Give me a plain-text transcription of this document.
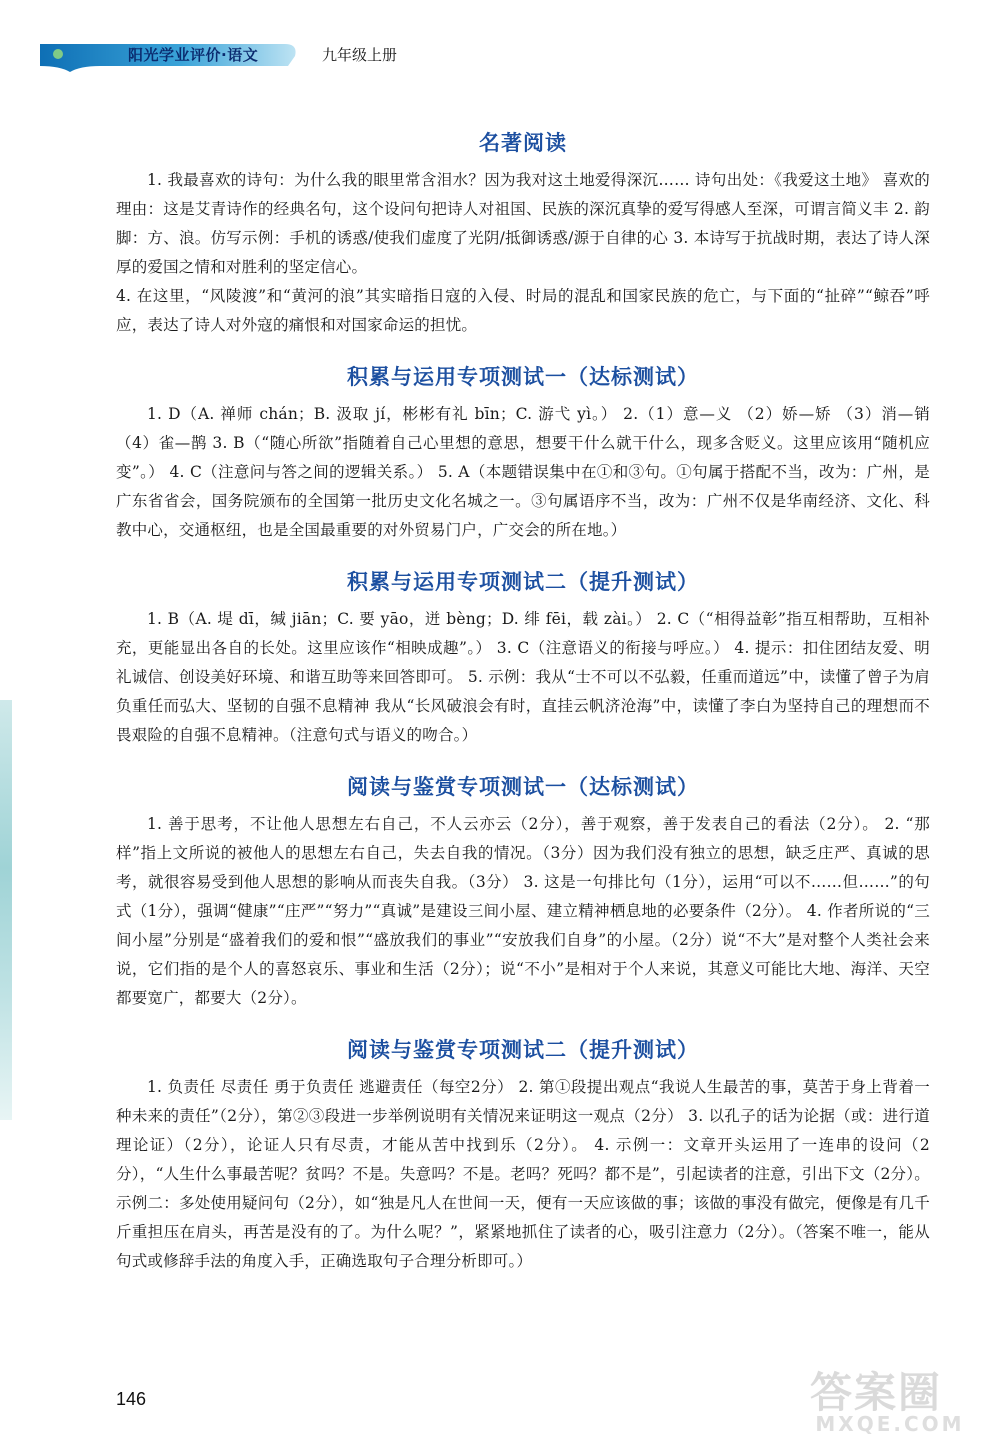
阳光学业评价·语文	九年级上册
名著阅读

1. 我最喜欢的诗句：为什么我的眼里常含泪水？因为我对这土地爱得深沉…… 诗句出处：《我爱这土地》 喜欢的理由：这是艾青诗作的经典名句，这个设问句把诗人对祖国、民族的深沉真挚的爱写得感人至深，可谓言简义丰 2. 韵脚：方、浪。仿写示例：手机的诱惑/使我们虚度了光阴/抵御诱惑/源于自律的心 3. 本诗写于抗战时期，表达了诗人深厚的爱国之情和对胜利的坚定信心。

4. 在这里，“风陵渡”和“黄河的浪”其实暗指日寇的入侵、时局的混乱和国家民族的危亡，与下面的“扯碎”“鲸吞”呼应，表达了诗人对外寇的痛恨和对国家命运的担忧。

积累与运用专项测试一（达标测试）

1. D（A. 禅师 chán；B. 汲取 jí，彬彬有礼 bīn；C. 游弋 yì。） 2.（1）意—义 （2）娇—矫 （3）消—销 （4）雀—鹊 3. B（“随心所欲”指随着自己心里想的意思，想要干什么就干什么，现多含贬义。这里应该用“随机应变”。） 4. C（注意问与答之间的逻辑关系。） 5. A（本题错误集中在①和③句。①句属于搭配不当，改为：广州，是广东省省会，国务院颁布的全国第一批历史文化名城之一。③句属语序不当，改为：广州不仅是华南经济、文化、科教中心，交通枢纽，也是全国最重要的对外贸易门户，广交会的所在地。）

积累与运用专项测试二（提升测试）

1. B（A. 堤 dī，缄 jiān；C. 要 yāo，迸 bèng；D. 绯 fēi，载 zài。） 2. C（“相得益彰”指互相帮助，互相补充，更能显出各自的长处。这里应该作“相映成趣”。） 3. C（注意语义的衔接与呼应。） 4. 提示：扣住团结友爱、明礼诚信、创设美好环境、和谐互助等来回答即可。 5. 示例：我从“士不可以不弘毅，任重而道远”中，读懂了曾子为肩负重任而弘大、坚韧的自强不息精神 我从“长风破浪会有时，直挂云帆济沧海”中，读懂了李白为坚持自己的理想而不畏艰险的自强不息精神。（注意句式与语义的吻合。）

阅读与鉴赏专项测试一（达标测试）

1. 善于思考，不让他人思想左右自己，不人云亦云（2分），善于观察，善于发表自己的看法（2分）。 2. “那样”指上文所说的被他人的思想左右自己，失去自我的情况。（3分）因为我们没有独立的思想，缺乏庄严、真诚的思考，就很容易受到他人思想的影响从而丧失自我。（3分） 3. 这是一句排比句（1分），运用“可以不……但……”的句式（1分），强调“健康”“庄严”“努力”“真诚”是建设三间小屋、建立精神栖息地的必要条件（2分）。 4. 作者所说的“三间小屋”分别是“盛着我们的爱和恨”“盛放我们的事业”“安放我们自身”的小屋。（2分）说“不大”是对整个人类社会来说，它们指的是个人的喜怒哀乐、事业和生活（2分）；说“不小”是相对于个人来说，其意义可能比大地、海洋、天空都要宽广，都要大（2分）。

阅读与鉴赏专项测试二（提升测试）

1. 负责任 尽责任 勇于负责任 逃避责任（每空2分） 2. 第①段提出观点“我说人生最苦的事，莫苦于身上背着一种未来的责任”（2分），第②③段进一步举例说明有关情况来证明这一观点（2分） 3. 以孔子的话为论据（或：进行道理论证）（2分），论证人只有尽责，才能从苦中找到乐（2分）。 4. 示例一：文章开头运用了一连串的设问（2分），“人生什么事最苦呢？贫吗？不是。失意吗？不是。老吗？死吗？都不是”，引起读者的注意，引出下文（2分）。示例二：多处使用疑问句（2分），如“独是凡人在世间一天，便有一天应该做的事；该做的事没有做完，便像是有几千斤重担压在肩头，再苦是没有的了。为什么呢？”，紧紧地抓住了读者的心，吸引注意力（2分）。（答案不唯一，能从句式或修辞手法的角度入手，正确选取句子合理分析即可。）

146	答案圈
MXQE.COM
